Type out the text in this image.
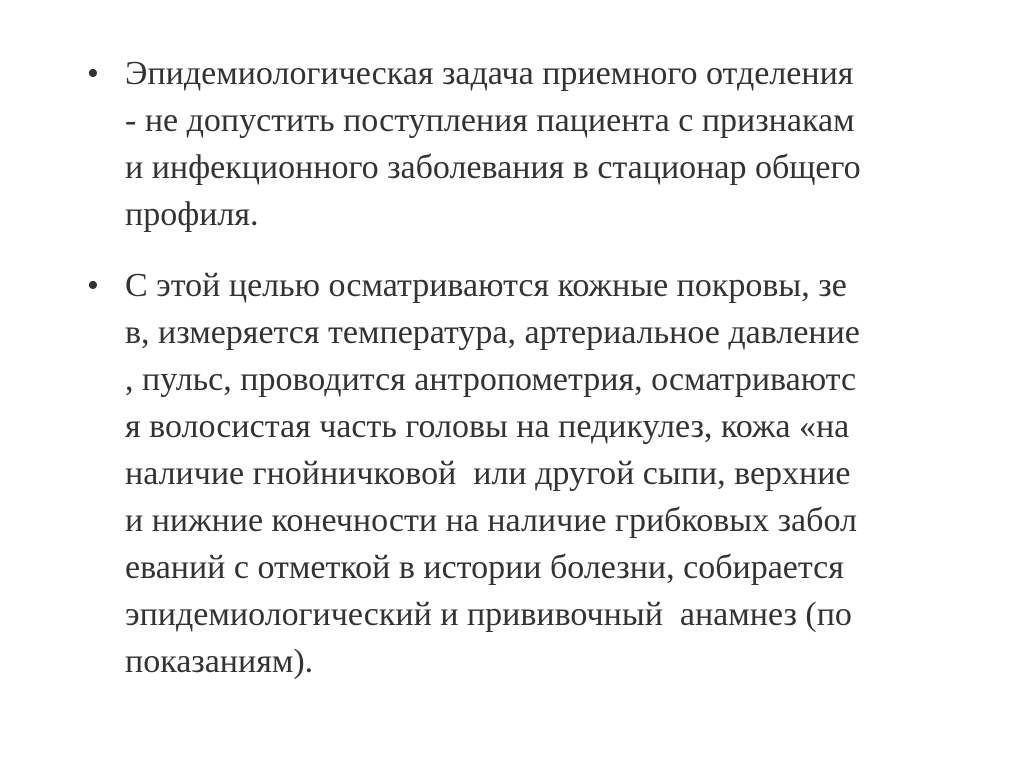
• Эпидемиологическая задача приемного отделения
- не допустить поступления пациента с признакам
и инфекционного заболевания в стационар общего
профиля.
• С этой целью осматриваются кожные покровы, зе
в, измеряется температура, артериальное давление
, пульс, проводится антропометрия, осматриваютс
я волосистая часть головы на педикулез, кожа «на
наличие гнойничковой  или другой сыпи, верхние
и нижние конечности на наличие грибковых забол
еваний с отметкой в истории болезни, собирается
эпидемиологический и прививочный  анамнез (по
показаниям).
